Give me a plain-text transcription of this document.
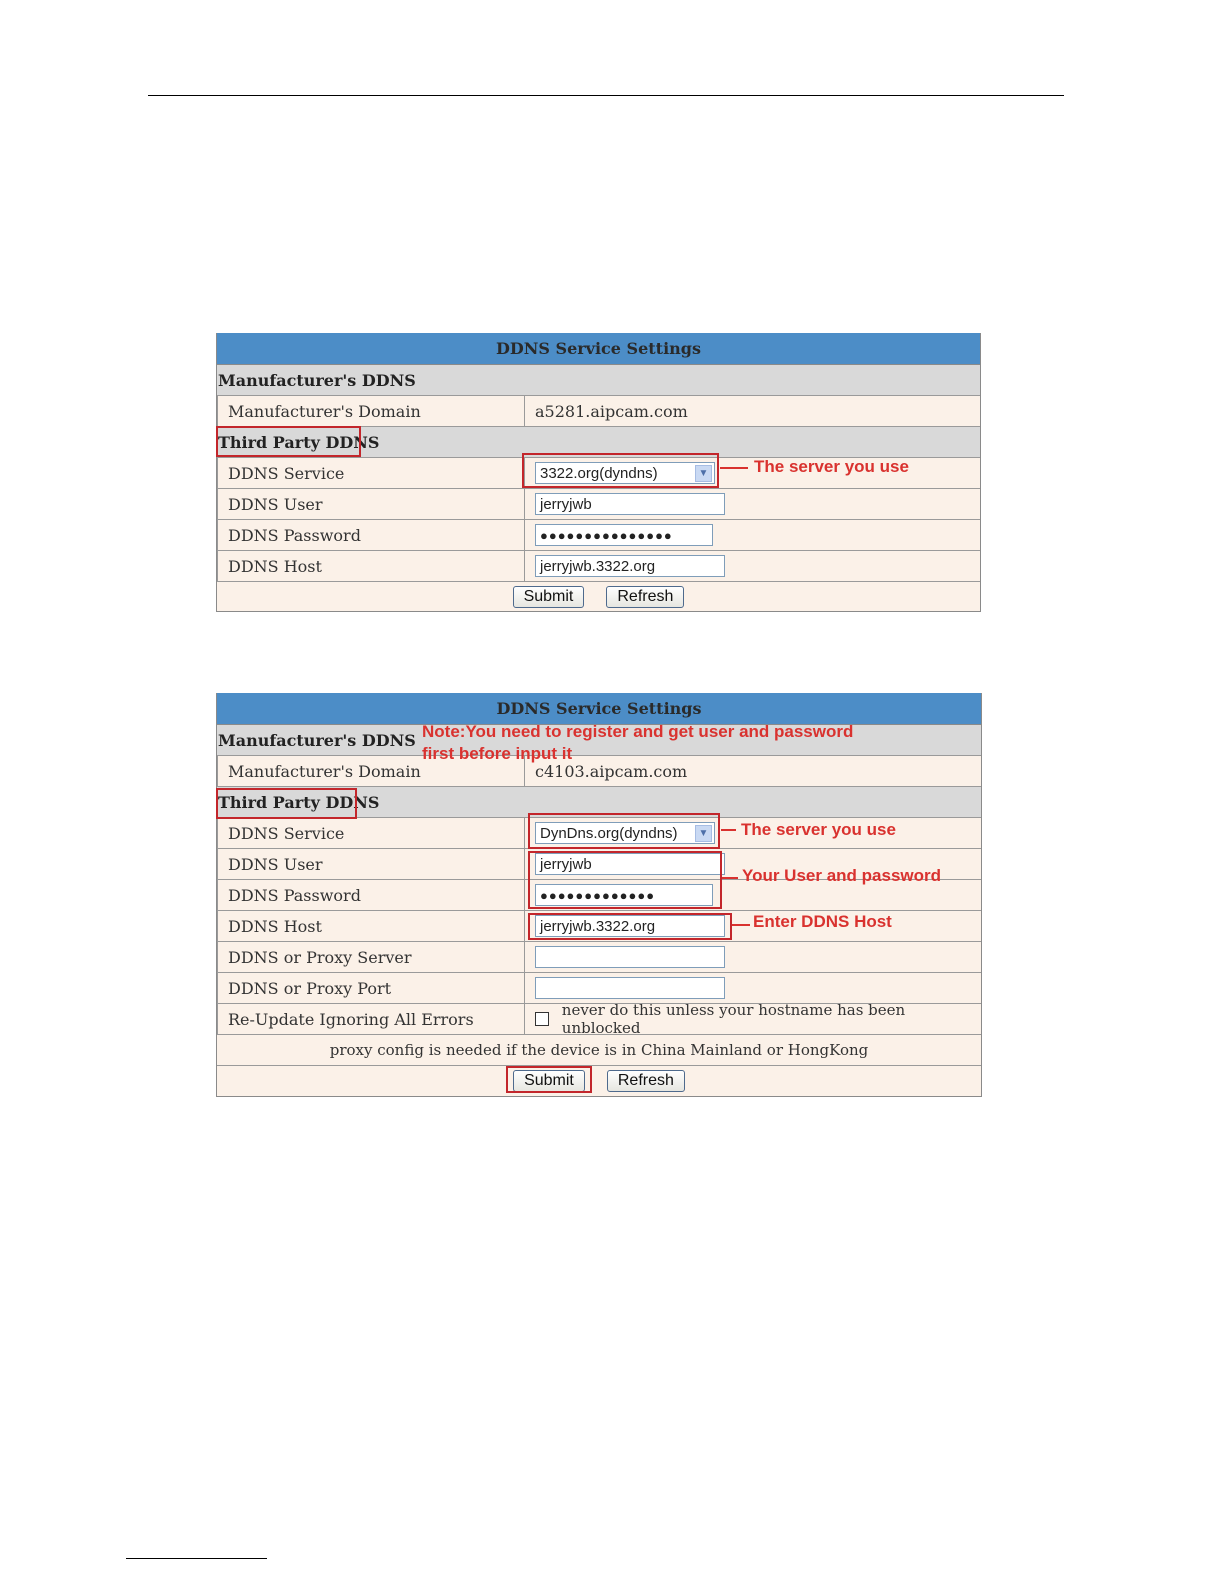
DDNS Service Settings
Manufacturer's DDNS
Manufacturer's Domain	a5281.aipcam.com
Third Party DDNS
DDNS Service	3322.org(dyndns)	▼
DDNS User	jerryjwb
DDNS Password	●●●●●●●●●●●●●●●
DDNS Host	jerryjwb.3322.org
Submit	Refresh
The server you use
DDNS Service Settings
Manufacturer's DDNS
Manufacturer's Domain	c4103.aipcam.com
Third Party DDNS
DDNS Service	DynDns.org(dyndns)	▼
DDNS User	jerryjwb
DDNS Password	●●●●●●●●●●●●●
DDNS Host	jerryjwb.3322.org
DDNS or Proxy Server
DDNS or Proxy Port
Re-Update Ignoring All Errors	never do this unless your hostname has been unblocked
proxy config is needed if the device is in China Mainland or HongKong
Submit	Refresh
Note:You need to register and get user and password
first before input it
The server you use
Your User and password
Enter DDNS Host
